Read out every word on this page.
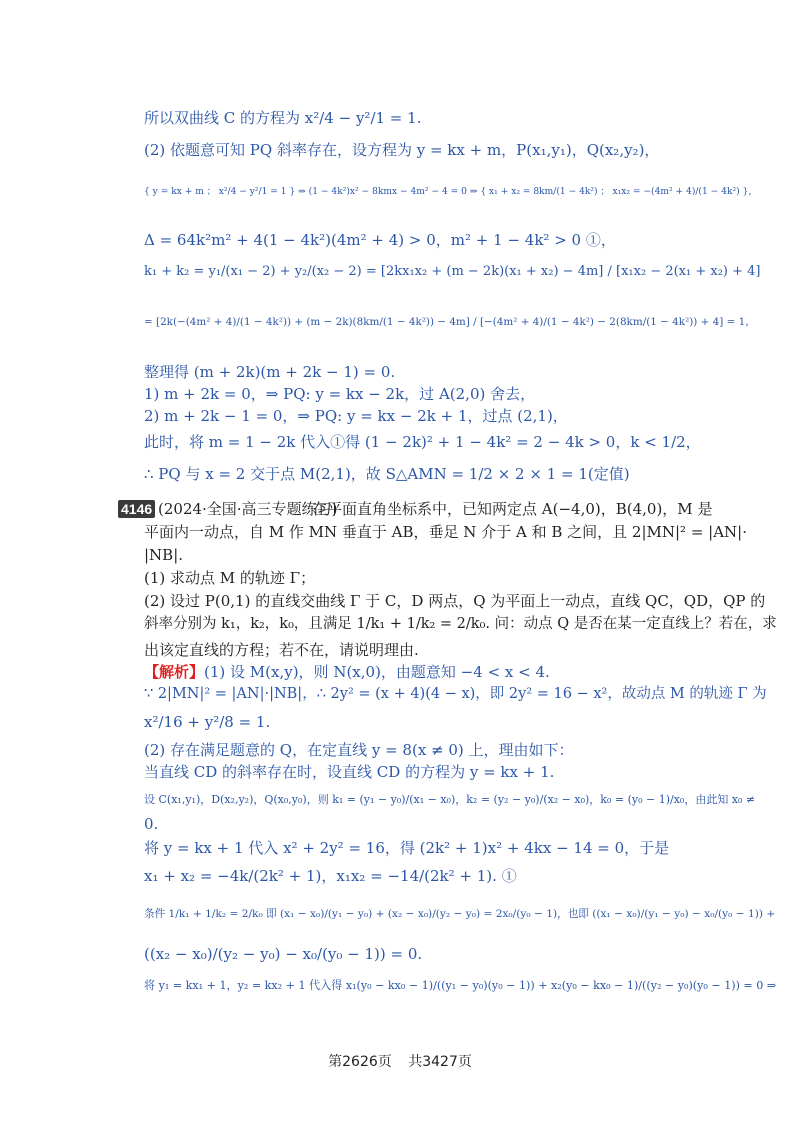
所以双曲线 C 的方程为 x²/4 − y²/1 = 1.
(2) 依题意可知 PQ 斜率存在，设方程为 y = kx + m，P(x₁,y₁)，Q(x₂,y₂)，
{ y = kx + m ； x²/4 − y²/1 = 1 } ⇒ (1 − 4k²)x² − 8kmx − 4m² − 4 = 0 ⇒ { x₁ + x₂ = 8km/(1 − 4k²) ； x₁x₂ = −(4m² + 4)/(1 − 4k²) }，
Δ = 64k²m² + 4(1 − 4k²)(4m² + 4) > 0，m² + 1 − 4k² > 0 ①，
k₁ + k₂ = y₁/(x₁ − 2) + y₂/(x₂ − 2) = [2kx₁x₂ + (m − 2k)(x₁ + x₂) − 4m] / [x₁x₂ − 2(x₁ + x₂) + 4]
= [2k(−(4m² + 4)/(1 − 4k²)) + (m − 2k)(8km/(1 − 4k²)) − 4m] / [−(4m² + 4)/(1 − 4k²) − 2(8km/(1 − 4k²)) + 4] = 1，
整理得 (m + 2k)(m + 2k − 1) = 0.
1) m + 2k = 0，⇒ PQ: y = kx − 2k，过 A(2,0) 舍去，
2) m + 2k − 1 = 0，⇒ PQ: y = kx − 2k + 1，过点 (2,1)，
此时，将 m = 1 − 2k 代入①得 (1 − 2k)² + 1 − 4k² = 2 − 4k > 0，k < 1/2，
∴ PQ 与 x = 2 交于点 M(2,1)，故 S△AMN = 1/2 × 2 × 1 = 1(定值)
4146 (2024·全国·高三专题练习)
在平面直角坐标系中，已知两定点 A(−4,0)，B(4,0)，M 是
平面内一动点，自 M 作 MN 垂直于 AB，垂足 N 介于 A 和 B 之间，且 2|MN|² = |AN|·
|NB|.
(1) 求动点 M 的轨迹 Γ；
(2) 设过 P(0,1) 的直线交曲线 Γ 于 C，D 两点，Q 为平面上一动点，直线 QC，QD，QP 的
斜率分别为 k₁，k₂，k₀，且满足 1/k₁ + 1/k₂ = 2/k₀. 问：动点 Q 是否在某一定直线上？若在，求
出该定直线的方程；若不在，请说明理由.
【解析】 (1) 设 M(x,y)，则 N(x,0)，由题意知 −4 < x < 4.
∵ 2|MN|² = |AN|·|NB|，∴ 2y² = (x + 4)(4 − x)，即 2y² = 16 − x²，故动点 M 的轨迹 Γ 为
x²/16 + y²/8 = 1.
(2) 存在满足题意的 Q，在定直线 y = 8(x ≠ 0) 上，理由如下：
当直线 CD 的斜率存在时，设直线 CD 的方程为 y = kx + 1.
设 C(x₁,y₁)，D(x₂,y₂)，Q(x₀,y₀)，则 k₁ = (y₁ − y₀)/(x₁ − x₀)，k₂ = (y₂ − y₀)/(x₂ − x₀)，k₀ = (y₀ − 1)/x₀，由此知 x₀ ≠
0.
将 y = kx + 1 代入 x² + 2y² = 16，得 (2k² + 1)x² + 4kx − 14 = 0，于是
x₁ + x₂ = −4k/(2k² + 1)，x₁x₂ = −14/(2k² + 1). ①
条件 1/k₁ + 1/k₂ = 2/k₀ 即 (x₁ − x₀)/(y₁ − y₀) + (x₂ − x₀)/(y₂ − y₀) = 2x₀/(y₀ − 1)，也即 ((x₁ − x₀)/(y₁ − y₀) − x₀/(y₀ − 1)) +
((x₂ − x₀)/(y₂ − y₀) − x₀/(y₀ − 1)) = 0.
将 y₁ = kx₁ + 1，y₂ = kx₂ + 1 代入得 x₁(y₀ − kx₀ − 1)/((y₁ − y₀)(y₀ − 1)) + x₂(y₀ − kx₀ − 1)/((y₂ − y₀)(y₀ − 1)) = 0 ⇒
第2626页 共3427页
